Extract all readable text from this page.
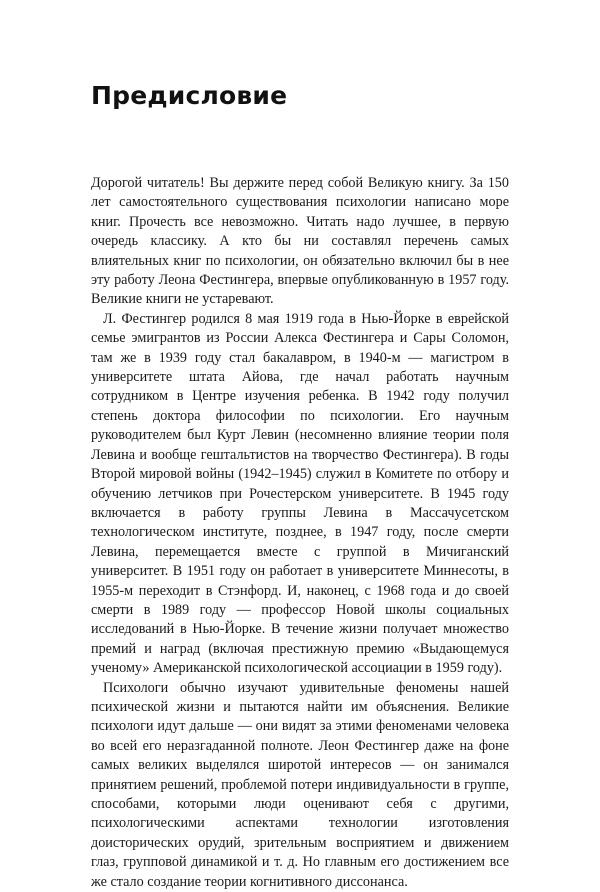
Предисловие

Дорогой читатель! Вы держите перед собой Великую книгу. За 150 лет самостоятельного существования психологии написано море книг. Прочесть все невозможно. Читать надо лучшее, в первую очередь классику. А кто бы ни составлял перечень самых влиятельных книг по психологии, он обязательно включил бы в нее эту работу Леона Фестингера, впервые опубликованную в 1957 году. Великие книги не устаревают.

Л. Фестингер родился 8 мая 1919 года в Нью-Йорке в еврейской семье эмигрантов из России Алекса Фестингера и Сары Соломон, там же в 1939 году стал бакалавром, в 1940-м — магистром в университете штата Айова, где начал работать научным сотрудником в Центре изучения ребенка. В 1942 году получил степень доктора философии по психологии. Его научным руководителем был Курт Левин (несомненно влияние теории поля Левина и вообще гештальтистов на творчество Фестингера). В годы Второй мировой войны (1942–1945) служил в Комитете по отбору и обучению летчиков при Рочестерском университете. В 1945 году включается в работу группы Левина в Массачусетском технологическом институте, позднее, в 1947 году, после смерти Левина, перемещается вместе с группой в Мичиганский университет. В 1951 году он работает в университете Миннесоты, в 1955-м переходит в Стэнфорд. И, наконец, с 1968 года и до своей смерти в 1989 году — профессор Новой школы социальных исследований в Нью-Йорке. В течение жизни получает множество премий и наград (включая престижную премию «Выдающемуся ученому» Американской психологической ассоциации в 1959 году).

Психологи обычно изучают удивительные феномены нашей психической жизни и пытаются найти им объяснения. Великие психологи идут дальше — они видят за этими феноменами человека во всей его неразгаданной полноте. Леон Фестингер даже на фоне самых великих выделялся широтой интересов — он занимался принятием решений, проблемой потери индивидуальности в группе, способами, которыми люди оценивают себя с другими, психологическими аспектами технологии изготовления доисторических орудий, зрительным восприятием и движением глаз, групповой динамикой и т. д. Но главным его достижением все же стало создание теории когнитивного диссонанса.
